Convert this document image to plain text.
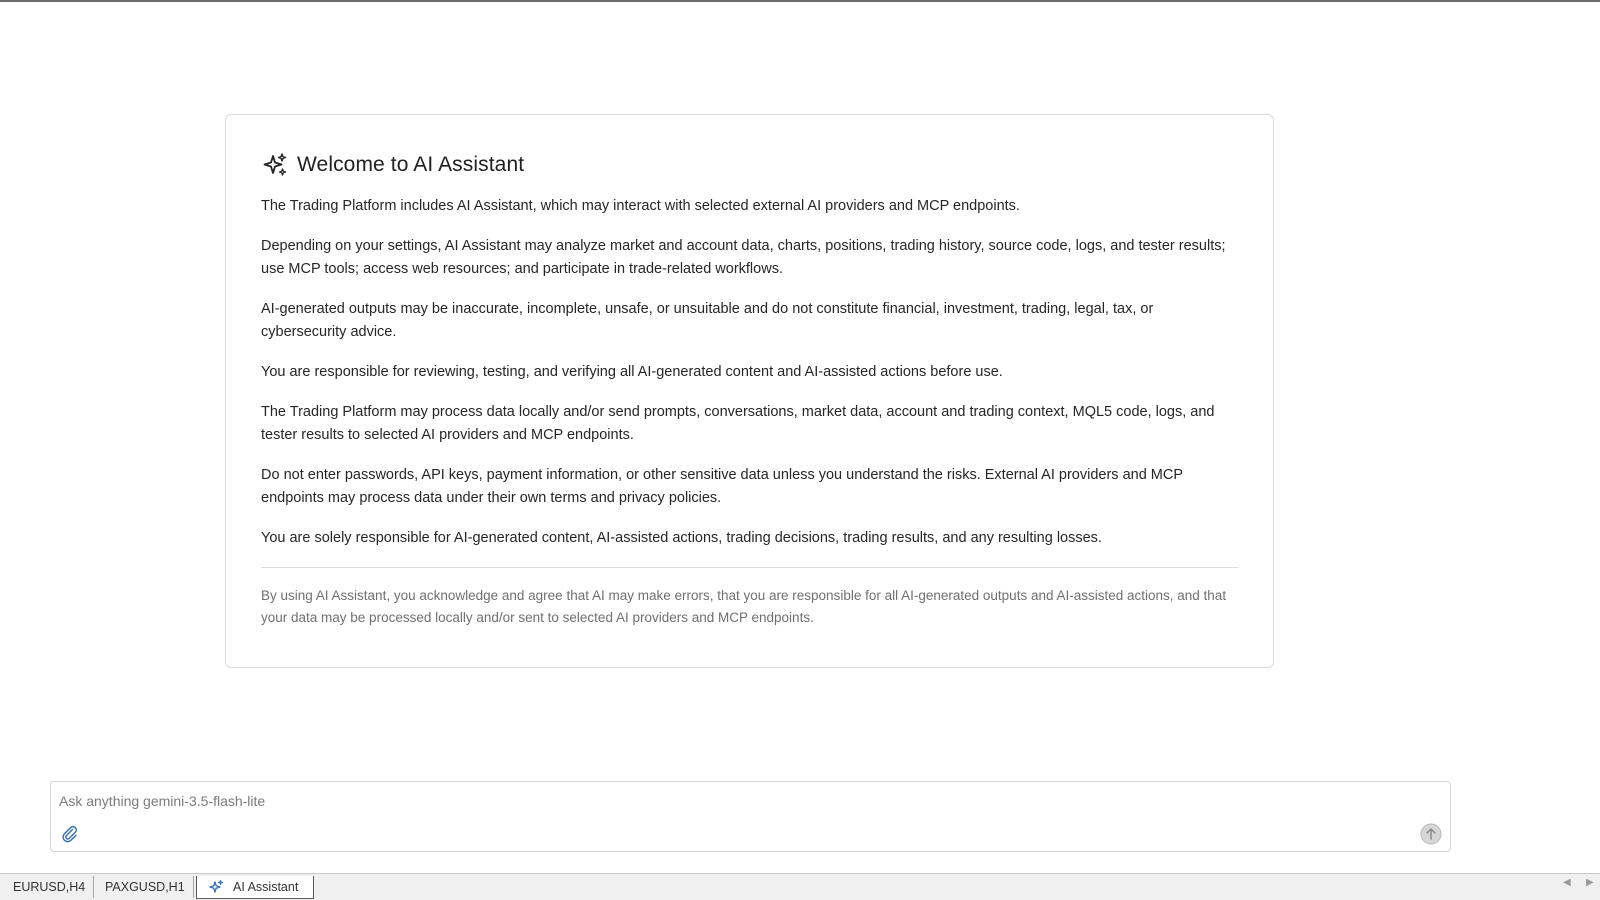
Welcome to AI Assistant

The Trading Platform includes AI Assistant, which may interact with selected external AI providers and MCP endpoints.

Depending on your settings, AI Assistant may analyze market and account data, charts, positions, trading history, source code, logs, and tester results; use MCP tools; access web resources; and participate in trade-related workflows.

AI-generated outputs may be inaccurate, incomplete, unsafe, or unsuitable and do not constitute financial, investment, trading, legal, tax, or cybersecurity advice.

You are responsible for reviewing, testing, and verifying all AI-generated content and AI-assisted actions before use.

The Trading Platform may process data locally and/or send prompts, conversations, market data, account and trading context, MQL5 code, logs, and tester results to selected AI providers and MCP endpoints.

Do not enter passwords, API keys, payment information, or other sensitive data unless you understand the risks. External AI providers and MCP endpoints may process data under their own terms and privacy policies.

You are solely responsible for AI-generated content, AI-assisted actions, trading decisions, trading results, and any resulting losses.

By using AI Assistant, you acknowledge and agree that AI may make errors, that you are responsible for all AI-generated outputs and AI-assisted actions, and that your data may be processed locally and/or sent to selected AI providers and MCP endpoints.

Ask anything gemini-3.5-flash-lite
EURUSD,H4 PAXGUSD,H1	AI Assistant	◀ ▶
